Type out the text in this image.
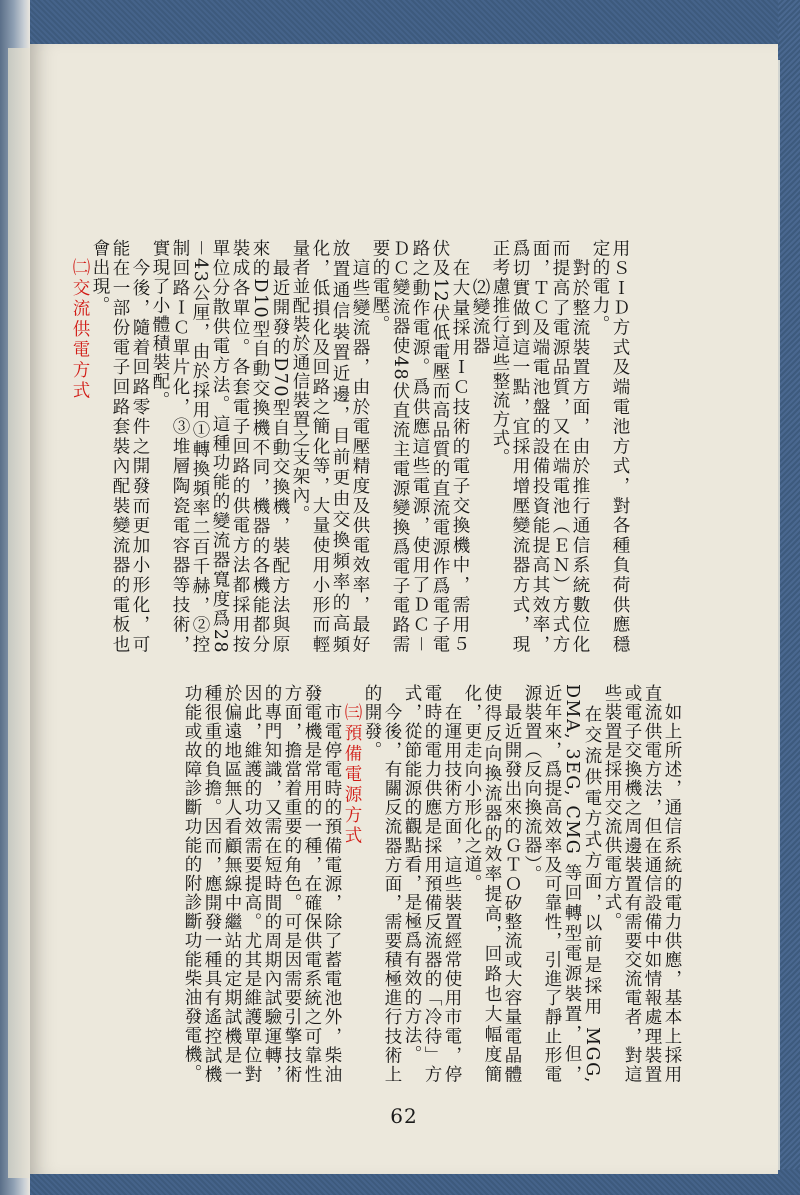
用ＳＩＤ方式及端電池方式，對各種負荷供應穩定的電力。
　對於整流裝置方面，由於推行通信系統數位化而提高了電源品質，又在端電池（ＥＮ）方式方面，ＴＣ及端電池盤的設備投資能提高其效率，爲切實做到這一點，宜採用增壓變流器方式，現正考慮推行這些整流方式。
　　⑵變流器
　在大量採用ＩＣ技術的電子交換機中，需用５伏及12伏低電壓而高品質的直流電源作爲電子電路之動作電源。爲供應這些電源，使用了ＤＣ－ＤＣ變流器使48伏直流主電源變換爲電子電路需要的電壓。
　這些變流器，由於電壓精度及供電效率，最好放置通信裝置近邊，目前更由交換頻率的高頻化，低損化及回路之簡化等，大量使用小形而輕量者並配裝於通信裝置之支架內。
　最近開發的D70型自動交換機，裝配方法與原來的D10型自動交換機不同，機器的各機能都分裝成各單位。各套電子回路的供電方法都採用按單位分散供電方法。這種功能的變流器寬度爲28－43公厘，由於採用①轉換頻率二百千赫，②控制回路ＩＣ單片化，③堆層陶瓷電容器等技術，實現了小體積裝配。
　今後，隨着回路零件之開發而更加小形化，可能在一部份電子回路套裝內配裝變流器的電板也會出現。
　㈡交流供電方式
　如上所述，通信系統的電力供應，基本上採用直流供電方法，但在通信設備中如情報處理裝置或電子交換機之周邊裝置有需要交流電者，對這些裝置是採用交流供電方式。
　在交流供電方式方面，以前是採用 MGG, DMA, 3EG, CMG 等回轉型電源裝置，但，近年來，爲提高效率及可靠性，引進了靜止形電源裝置（反向換流器）。
　最近開發出來的ＧＴＯ矽整流或大容量電晶體使得反向換流器的效率提高，回路也大幅度簡化，更走向小形化之道。
　在運用技術方面，這些裝置經常使用市電，停電時的電力供應是採用預備反流器的「冷待」方式，從節能源的觀點看，是極爲有效的方法。
　今後，有關反流器方面，需要積極進行技術上的開發。
　㈢預備電源方式
　市電停電時的預備電源，除了蓄電池外，柴油發電機是常用的一種，在確保供電系統之可靠性方面，擔當着重要的角色。可是因需要引擎技術的專門知識，又需在短時間的周期內試驗運轉，因此，維護的功效需要提高。尤其是維護單位對於偏遠地區無人看顧無線中繼站的定期試機是一種很重的負擔。因而，應開發一種具有遙控試機功能或故障診斷功能的附診斷功能柴油發電機。
62
